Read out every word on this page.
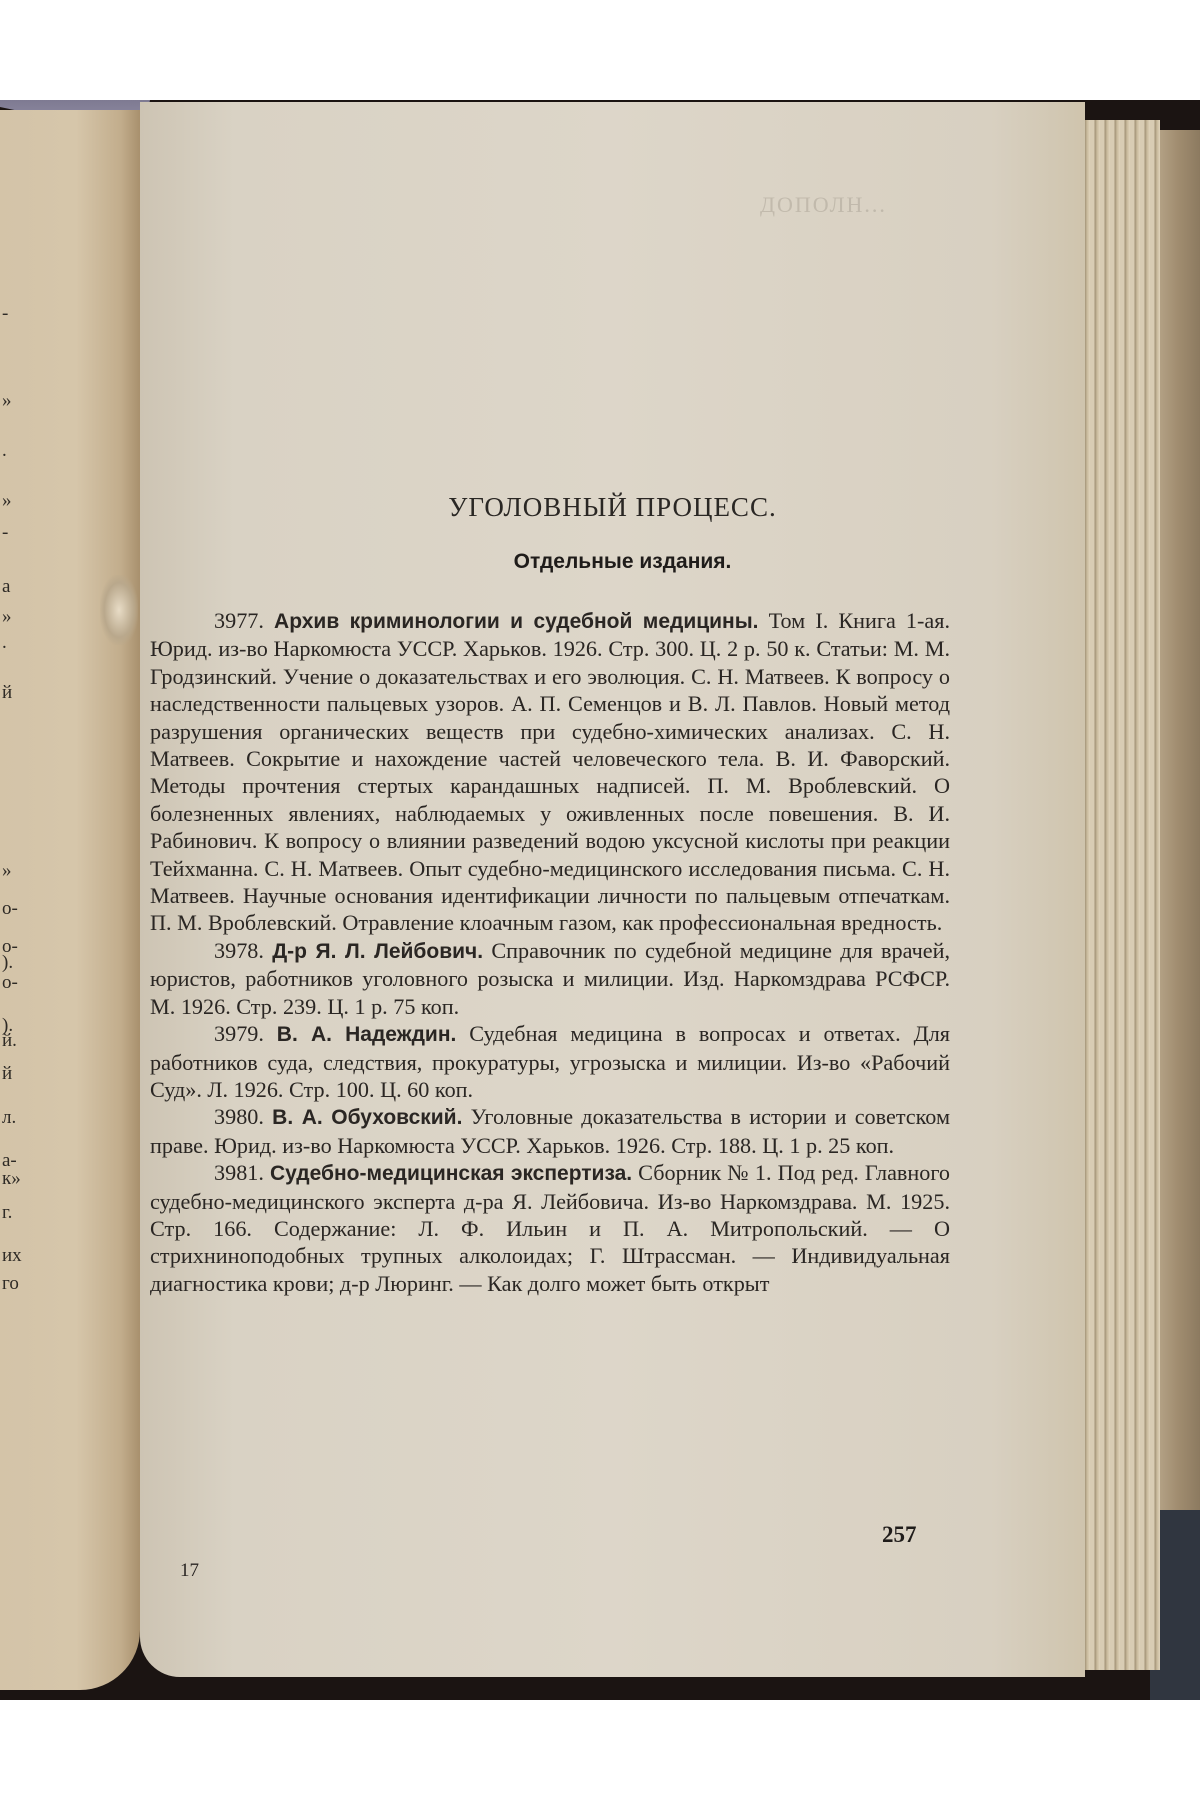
-
»
.
»
-
a
»
.
й
»
о-
о-
).
о-
).
й.
й
л.
а-
к»
г.
их
го
ДОПОЛН...
УГОЛОВНЫЙ ПРОЦЕСС.
Отдельные издания.

3977. Архив криминологии и судебной медицины. Том I. Книга 1-ая. Юрид. из-во Наркомюста УССР. Харьков. 1926. Стр. 300. Ц. 2 р. 50 к. Статьи: М. М. Гродзинский. Учение о доказательствах и его эволюция. С. Н. Матвеев. К вопросу о наследственности пальцевых узоров. А. П. Семенцов и В. Л. Павлов. Новый метод разрушения органических веществ при судебно-химических анализах. С. Н. Матвеев. Сокрытие и нахождение частей человеческого тела. В. И. Фаворский. Методы прочтения стертых карандашных надписей. П. М. Вроблевский. О болезненных явлениях, наблюдаемых у оживленных после повешения. В. И. Рабинович. К вопросу о влиянии разведений водою уксусной кислоты при реакции Тейхманна. С. Н. Матвеев. Опыт судебно-медицинского исследования письма. С. Н. Матвеев. Научные основания идентификации личности по пальцевым отпечаткам. П. М. Вроблевский. Отравление клоачным газом, как профессиональная вредность.

3978. Д-р Я. Л. Лейбович. Справочник по судебной медицине для врачей, юристов, работников уголовного розыска и милиции. Изд. Наркомздрава РСФСР. М. 1926. Стр. 239. Ц. 1 р. 75 коп.

3979. В. А. Надеждин. Судебная медицина в вопросах и ответах. Для работников суда, следствия, прокуратуры, угрозыска и милиции. Из-во «Рабочий Суд». Л. 1926. Стр. 100. Ц. 60 коп.

3980. В. А. Обуховский. Уголовные доказательства в истории и советском праве. Юрид. из-во Наркомюста УССР. Харьков. 1926. Стр. 188. Ц. 1 р. 25 коп.

3981. Судебно-медицинская экспертиза. Сборник № 1. Под ред. Главного судебно-медицинского эксперта д-ра Я. Лейбовича. Из-во Наркомздрава. М. 1925. Стр. 166. Содержание: Л. Ф. Ильин и П. А. Митропольский. — О стрихниноподобных трупных алколоидах; Г. Штрассман. — Индивидуальная диагностика крови; д-р Люринг. — Как долго может быть открыт

257
17
